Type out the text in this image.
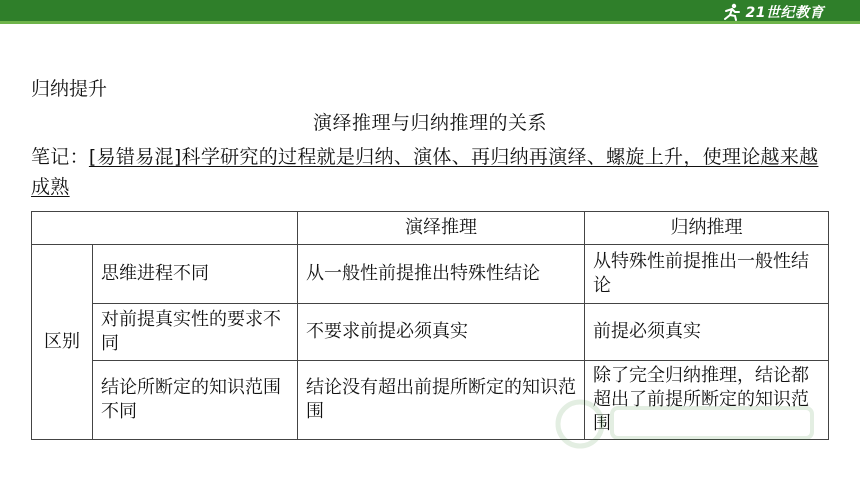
21世纪教育
归纳提升
演绎推理与归纳推理的关系
笔记：[易错易混]科学研究的过程就是归纳、演体、再归纳再演绎、螺旋上升，使理论越来越成熟
		演绎推理	归纳推理
区别	思维进程不同	从一般性前提推出特殊性结论	从特殊性前提推出一般性结论
	对前提真实性的要求不同	不要求前提必须真实	前提必须真实
	结论所断定的知识范围不同	结论没有超出前提所断定的知识范围	除了完全归纳推理，结论都超出了前提所断定的知识范围
